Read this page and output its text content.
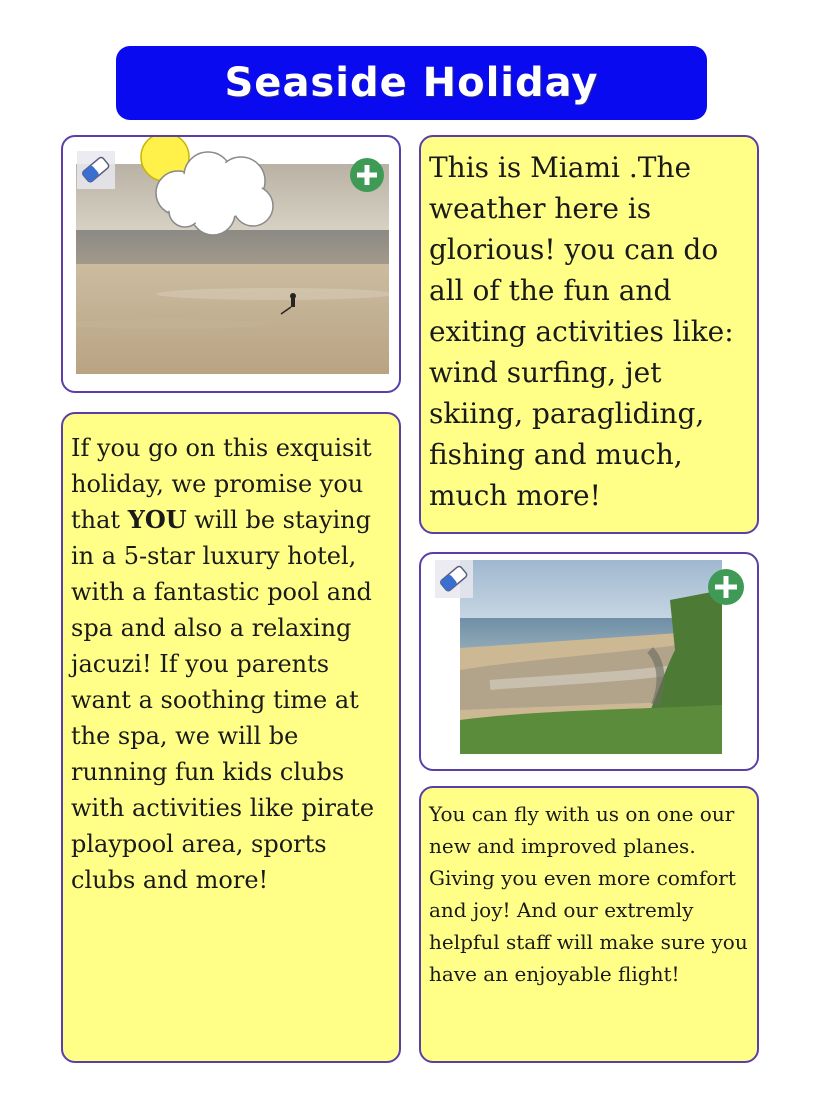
Seaside Holiday

This is Miami .The weather here is glorious! you can do all of the fun and exiting activities like: wind surfing, jet skiing, paragliding, fishing and much, much more!

If you go on this exquisit holiday, we promise you that YOU will be staying in a 5-star luxury hotel, with a fantastic pool and spa and also a relaxing jacuzi! If you parents want a soothing time at the spa, we will be running fun kids clubs with activities like pirate playpool area, sports clubs and more!

You can fly with us on one our new and improved planes. Giving you even more comfort and joy! And our extremly helpful staff will make sure you have an enjoyable flight!
